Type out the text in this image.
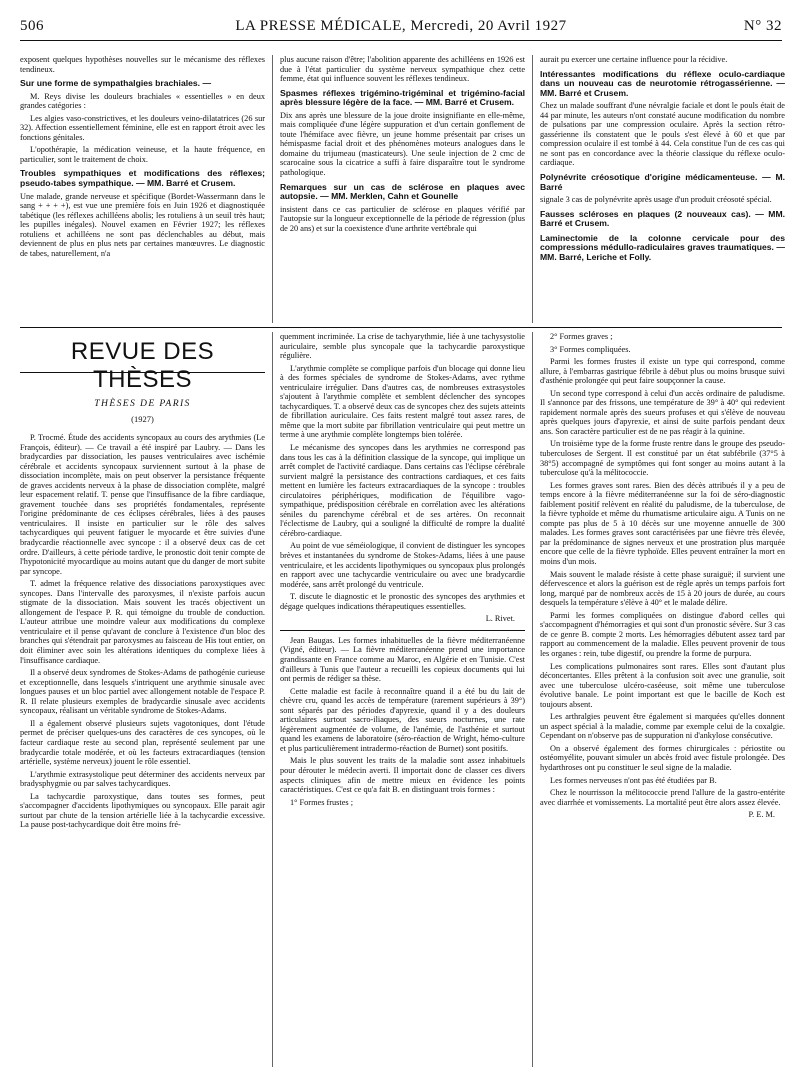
506	LA PRESSE MÉDICALE, Mercredi, 20 Avril 1927	N° 32

exposent quelques hypothèses nouvelles sur le mécanisme des réflexes tendineux.

Sur une forme de sympathalgies brachiales. —

M. Reys divise les douleurs brachiales « essentielles » en deux grandes catégories :

Les algies vaso-constrictives, et les douleurs veino-dilatatrices (26 sur 32). Affection essentiellement féminine, elle est en rapport étroit avec les fonctions génitales.

L'opothérapie, la médication veineuse, et la haute fréquence, en particulier, sont le traitement de choix.

Troubles sympathiques et modifications des réflexes; pseudo-tabes sympathique. — MM. Barré et Crusem.

Une malade, grande nerveuse et spécifique (Bordet-Wassermann dans le sang + + + +), est vue une première fois en Juin 1926 et diagnostiquée tabétique (les réflexes achilléens abolis; les rotuliens à un seuil très haut; les pupilles inégales). Nouvel examen en Février 1927; les réflexes rotuliens et achilléens ne sont pas déclenchables au début, mais deviennent de plus en plus nets par certaines manœuvres. Le diagnostic de tabes, naturellement, n'a

plus aucune raison d'être; l'abolition apparente des achilléens en 1926 est due à l'état particulier du système nerveux sympathique chez cette femme, état qui influence souvent les réflexes tendineux.

Spasmes réflexes trigémino-trigéminal et trigémino-facial après blessure légère de la face. — MM. Barré et Crusem.

Dix ans après une blessure de la joue droite insignifiante en elle-même, mais compliquée d'une légère suppuration et d'un certain gonflement de toute l'hémiface avec fièvre, un jeune homme présentait par crises un hémispasme facial droit et des phénomènes moteurs analogues dans le domaine du trijumeau (masticateurs). Une seule injection de 2 cmc de scarocaïne sous la cicatrice a suffi à faire disparaître tout le syndrome pathologique.

Remarques sur un cas de sclérose en plaques avec autopsie. — MM. Merklen, Cahn et Gounelle

insistent dans ce cas particulier de sclérose en plaques vérifié par l'autopsie sur la longueur exceptionnelle de la période de régression (plus de 20 ans) et sur la coexistence d'une arthrite vertébrale qui

aurait pu exercer une certaine influence pour la récidive.

Intéressantes modifications du réflexe oculo-cardiaque dans un nouveau cas de neurotomie rétrogassérienne. — MM. Barré et Crusem.

Chez un malade souffrant d'une névralgie faciale et dont le pouls était de 44 par minute, les auteurs n'ont constaté aucune modification du nombre de pulsations par une compression oculaire. Après la section rétro-gassérienne ils constatent que le pouls s'est élevé à 60 et que par compression oculaire il est tombé à 44. Cela constitue l'un de ces cas qui ne sont pas en concordance avec la théorie classique du réflexe oculo-cardiaque.

Polynévrite créosotique d'origine médicamenteuse. — M. Barré

signale 3 cas de polynévrite après usage d'un produit créosoté spécial.

Fausses scléroses en plaques (2 nouveaux cas). — MM. Barré et Crusem.

Laminectomie de la colonne cervicale pour des compressions médullo-radiculaires graves traumatiques. — MM. Barré, Leriche et Folly.

REVUE DES THÈSES
THÈSES DE PARIS
(1927)

P. Trocmé. Étude des accidents syncopaux au cours des arythmies (Le François, éditeur). — Ce travail a été inspiré par Laubry. — Dans les bradycardies par dissociation, les pauses ventriculaires avec ischémie cérébrale et accidents syncopaux surviennent surtout à la phase de dissociation incomplète, mais on peut observer la persistance fréquente de graves accidents nerveux à la phase de dissociation complète, malgré leur espacement relatif. T. pense que l'insuffisance de la fibre cardiaque, gravement touchée dans ses propriétés fondamentales, représente l'origine prédominante de ces éclipses cérébrales, liées à des pauses ventriculaires. Il insiste en particulier sur le rôle des salves tachycardiques qui peuvent fatiguer le myocarde et être suivies d'une bradycardie réactionnelle avec syncope : il a observé deux cas de cet ordre. D'ailleurs, à cette période tardive, le pronostic doit tenir compte de l'hypotonicité myocardique au moins autant que du danger de mort subite par syncope.

T. admet la fréquence relative des dissociations paroxystiques avec syncopes. Dans l'intervalle des paroxysmes, il n'existe parfois aucun stigmate de la dissociation. Mais souvent les tracés objectivent un allongement de l'espace P. R. qui témoigne du trouble de conduction. L'auteur attribue une moindre valeur aux modifications du complexe ventriculaire et il pense qu'avant de conclure à l'existence d'un bloc des branches qui s'étendrait par paroxysmes au faisceau de His tout entier, on doit éliminer avec soin les altérations identiques du complexe liées à l'insuffisance cardiaque.

Il a observé deux syndromes de Stokes-Adams de pathogénie curieuse et exceptionnelle, dans lesquels s'intriquent une arythmie sinusale avec longues pauses et un bloc partiel avec allongement notable de l'espace P. R. Il relate plusieurs exemples de bradycardie sinusale avec accidents syncopaux, réalisant un véritable syndrome de Stokes-Adams.

Il a également observé plusieurs sujets vagotoniques, dont l'étude permet de préciser quelques-uns des caractères de ces syncopes, où le facteur cardiaque reste au second plan, représenté seulement par une bradycardie totale modérée, et où les facteurs extracardiaques (tension artérielle, système nerveux) jouent le rôle essentiel.

L'arythmie extrasystolique peut déterminer des accidents nerveux par bradysphygmie ou par salves tachycardiques.

La tachycardie paroxystique, dans toutes ses formes, peut s'accompagner d'accidents lipothymiques ou syncopaux. Elle parait agir surtout par chute de la tension artérielle liée à la tachycardie excessive. La pause post-tachycardique doit être moins fré-

quemment incriminée. La crise de tachyarythmie, liée à une tachysystolie auriculaire, semble plus syncopale que la tachycardie paroxystique régulière.

L'arythmie complète se complique parfois d'un blocage qui donne lieu à des formes spéciales de syndrome de Stokes-Adams, avec rythme ventriculaire irrégulier. Dans d'autres cas, de nombreuses extrasystoles s'ajoutent à l'arythmie complète et semblent déclencher des syncopes tachycardiques. T. a observé deux cas de syncopes chez des sujets atteints de fibrillation auriculaire. Ces faits restent malgré tout assez rares, de même que la mort subite par fibrillation ventriculaire qui peut mettre un terme à une arythmie complète longtemps bien tolérée.

Le mécanisme des syncopes dans les arythmies ne correspond pas dans tous les cas à la définition classique de la syncope, qui implique un arrêt complet de l'activité cardiaque. Dans certains cas l'éclipse cérébrale survient malgré la persistance des contractions cardiaques, et ces faits mettent en lumière les facteurs extracardiaques de la syncope : troubles circulatoires périphériques, modification de l'équilibre vago-sympathique, prédisposition cérébrale en corrélation avec les altérations séniles du parenchyme cérébral et de ses artères. On reconnait l'éclectisme de Laubry, qui a souligné la difficulté de rompre la dualité cérébro-cardiaque.

Au point de vue séméiologique, il convient de distinguer les syncopes brèves et instantanées du syndrome de Stokes-Adams, liées à une pause ventriculaire, et les accidents lipothymiques ou syncopaux plus prolongés en rapport avec une tachycardie ventriculaire ou avec une bradycardie modérée, sans arrêt prolongé du ventricule.

T. discute le diagnostic et le pronostic des syncopes des arythmies et dégage quelques indications thérapeutiques essentielles.

L. Rivet.

Jean Baugas. Les formes inhabituelles de la fièvre méditerranéenne (Vigné, éditeur). — La fièvre méditerranéenne prend une importance grandissante en France comme au Maroc, en Algérie et en Tunisie. C'est d'ailleurs à Tunis que l'auteur a recueilli les copieux documents qui lui ont permis de rédiger sa thèse.

Cette maladie est facile à reconnaître quand il a été bu du lait de chèvre cru, quand les accès de température (rarement supérieurs à 39°) sont séparés par des périodes d'apyrexie, quand il y a des douleurs articulaires surtout sacro-iliaques, des sueurs nocturnes, une rate légèrement augmentée de volume, de l'anémie, de l'asthénie et surtout quand les examens de laboratoire (séro-réaction de Wright, hémo-culture et plus particulièrement intradermo-réaction de Burnet) sont positifs.

Mais le plus souvent les traits de la maladie sont assez inhabituels pour dérouter le médecin averti. Il importait donc de classer ces divers aspects cliniques afin de mettre mieux en évidence les points caractéristiques. C'est ce qu'a fait B. en distinguant trois formes :

1° Formes frustes ;

2° Formes graves ;

3° Formes compliquées.

Parmi les formes frustes il existe un type qui correspond, comme allure, à l'embarras gastrique fébrile à début plus ou moins brusque suivi d'asthénie prolongée qui peut faire soupçonner la cause.

Un second type correspond à celui d'un accès ordinaire de paludisme. Il s'annonce par des frissons, une température de 39° à 40° qui redevient rapidement normale après des sueurs profuses et qui s'élève de nouveau après quelques jours d'apyrexie, et ainsi de suite parfois pendant deux ans. Son caractère particulier est de ne pas réagir à la quinine.

Un troisième type de la forme fruste rentre dans le groupe des pseudo-tuberculoses de Sergent. Il est constitué par un état subfébrile (37°5 à 38°5) accompagné de symptômes qui font songer au moins autant à la tuberculose qu'à la mélitococcie.

Les formes graves sont rares. Bien des décès attribués il y a peu de temps encore à la fièvre méditerranéenne sur la foi de séro-diagnostic faiblement positif relèvent en réalité du paludisme, de la tuberculose, de la fièvre typhoïde et même du rhumatisme articulaire aigu. A Tunis on ne compte pas plus de 5 à 10 décès sur une moyenne annuelle de 300 malades. Les formes graves sont caractérisées par une fièvre très élevée, par la prédominance de signes nerveux et une prostration plus marquée encore que celle de la fièvre typhoïde. Elles peuvent entraîner la mort en moins d'un mois.

Mais souvent le malade résiste à cette phase suraiguë; il survient une défervescence et alors la guérison est de règle après un temps parfois fort long, marqué par de nombreux accès de 15 à 20 jours de durée, au cours desquels la température s'élève à 40° et le malade délire.

Parmi les formes compliquées on distingue d'abord celles qui s'accompagnent d'hémorragies et qui sont d'un pronostic sévère. Sur 3 cas de ce genre B. compte 2 morts. Les hémorragies débutent assez tard par rapport au commencement de la maladie. Elles peuvent provenir de tous les organes : rein, tube digestif, ou prendre la forme de purpura.

Les complications pulmonaires sont rares. Elles sont d'autant plus déconcertantes. Elles prêtent à la confusion soit avec une granulie, soit avec une tuberculose ulcéro-caséeuse, soit même une tuberculose évolutive banale. Le point important est que le bacille de Koch est toujours absent.

Les arthralgies peuvent être également si marquées qu'elles donnent un aspect spécial à la maladie, comme par exemple celui de la coxalgie. Cependant on n'observe pas de suppuration ni d'ankylose consécutive.

On a observé également des formes chirurgicales : périostite ou ostéomyélite, pouvant simuler un abcès froid avec fistule prolongée. Des hydarthroses ont pu constituer le seul signe de la maladie.

Les formes nerveuses n'ont pas été étudiées par B.

Chez le nourrisson la mélitococcie prend l'allure de la gastro-entérite avec diarrhée et vomissements. La mortalité peut être alors assez élevée.

P. E. M.
